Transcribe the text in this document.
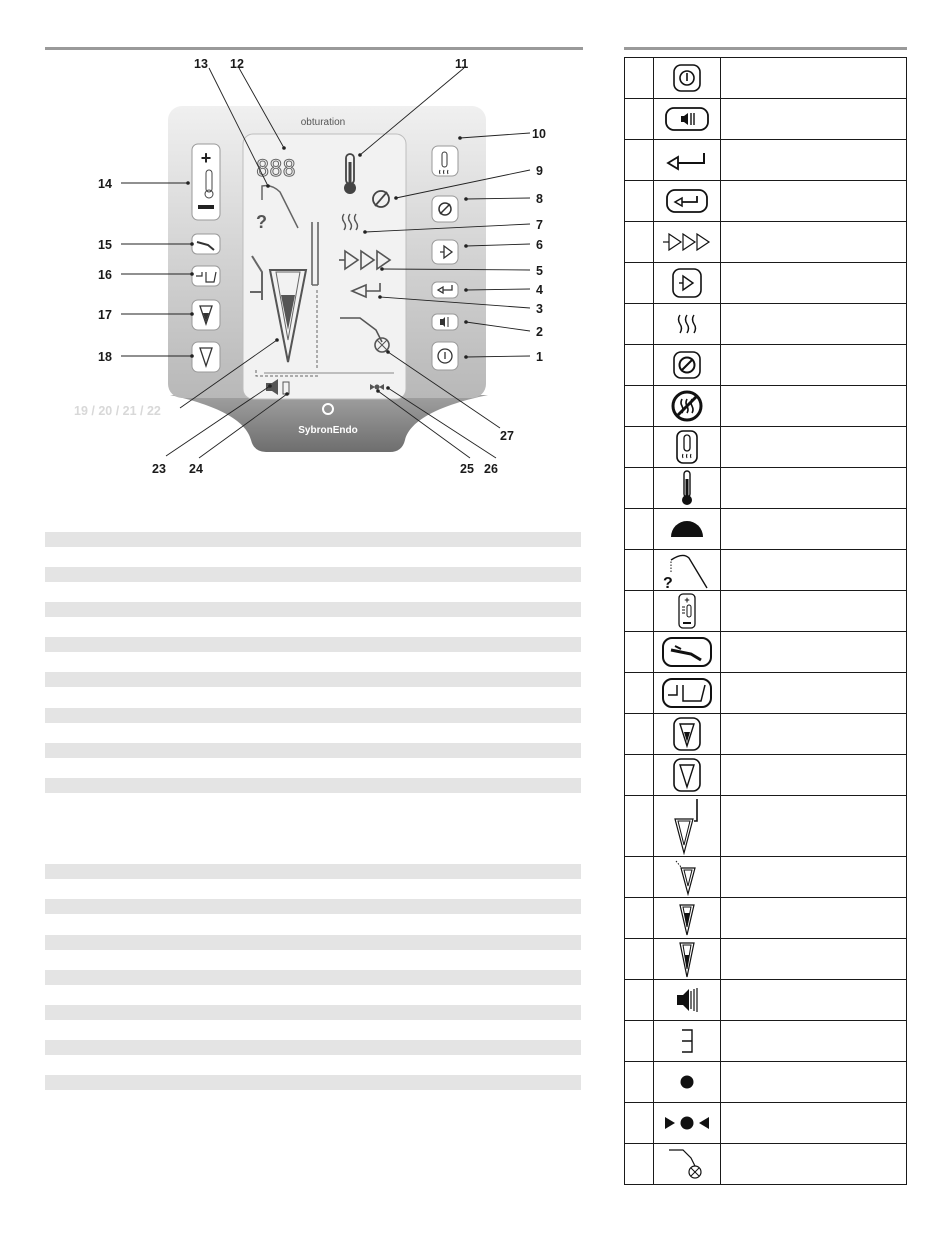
obturation
SybronEndo
888
?
+
1
2
3
4
5
6
7
8
9
10
11
12
13
14
15
16
17
18
19 / 20 / 21 / 22
23 24	25 26
27

?	

+	
